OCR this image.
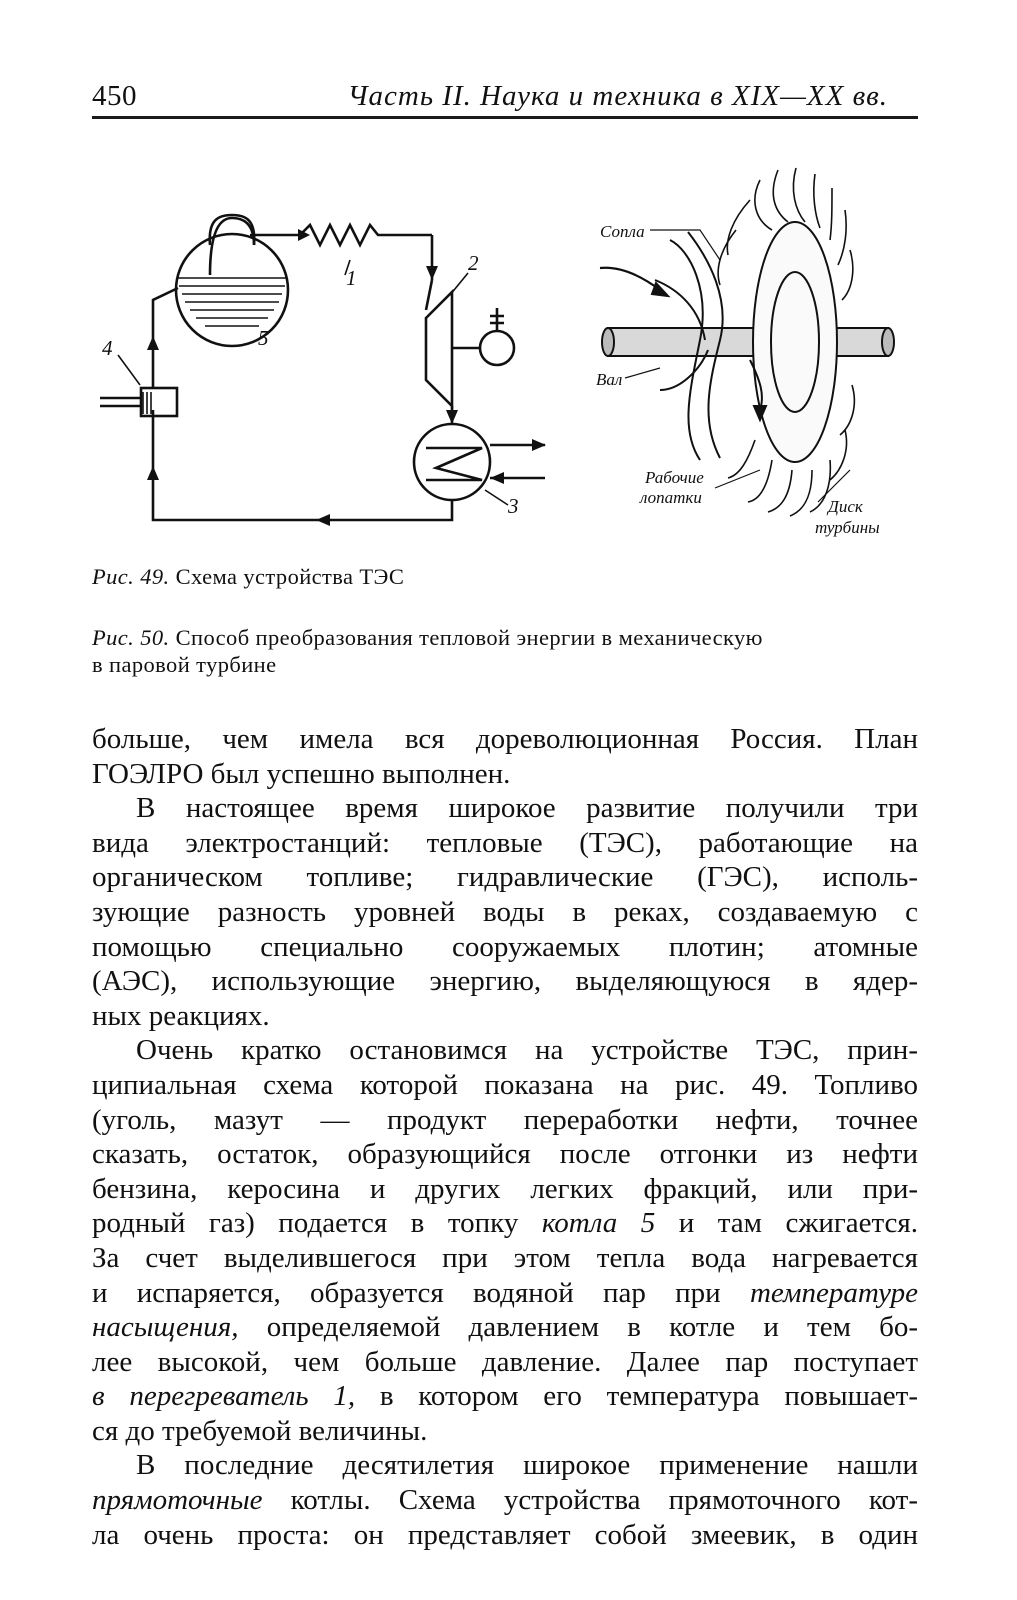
450	Часть II. Наука и техника в XIX—XX вв.
1
2
3
4	5
Сопла
Вал
Рабочие
лопатки	Диск
турбины
Рис. 49. Схема устройства ТЭС
Рис. 50. Способ преобразования тепловой энергии в механическую
в паровой турбине

больше, чем имела вся дореволюционная Россия. План

ГОЭЛРО был успешно выполнен.

В настоящее время широкое развитие получили три

вида электростанций: тепловые (ТЭС), работающие на

органическом топливе; гидравлические (ГЭС), исполь-

зующие разность уровней воды в реках, создаваемую с

помощью специально сооружаемых плотин; атомные

(АЭС), использующие энергию, выделяющуюся в ядер-

ных реакциях.

Очень кратко остановимся на устройстве ТЭС, прин-

ципиальная схема которой показана на рис. 49. Топливо

(уголь, мазут — продукт переработки нефти, точнее

сказать, остаток, образующийся после отгонки из нефти

бензина, керосина и других легких фракций, или при-

родный газ) подается в топку котла 5 и там сжигается.

За счет выделившегося при этом тепла вода нагревается

и испаряется, образуется водяной пар при температуре

насыщения, определяемой давлением в котле и тем бо-

лее высокой, чем больше давление. Далее пар поступает

в перегреватель 1, в котором его температура повышает-

ся до требуемой величины.

В последние десятилетия широкое применение нашли

прямоточные котлы. Схема устройства прямоточного кот-

ла очень проста: он представляет собой змеевик, в один
